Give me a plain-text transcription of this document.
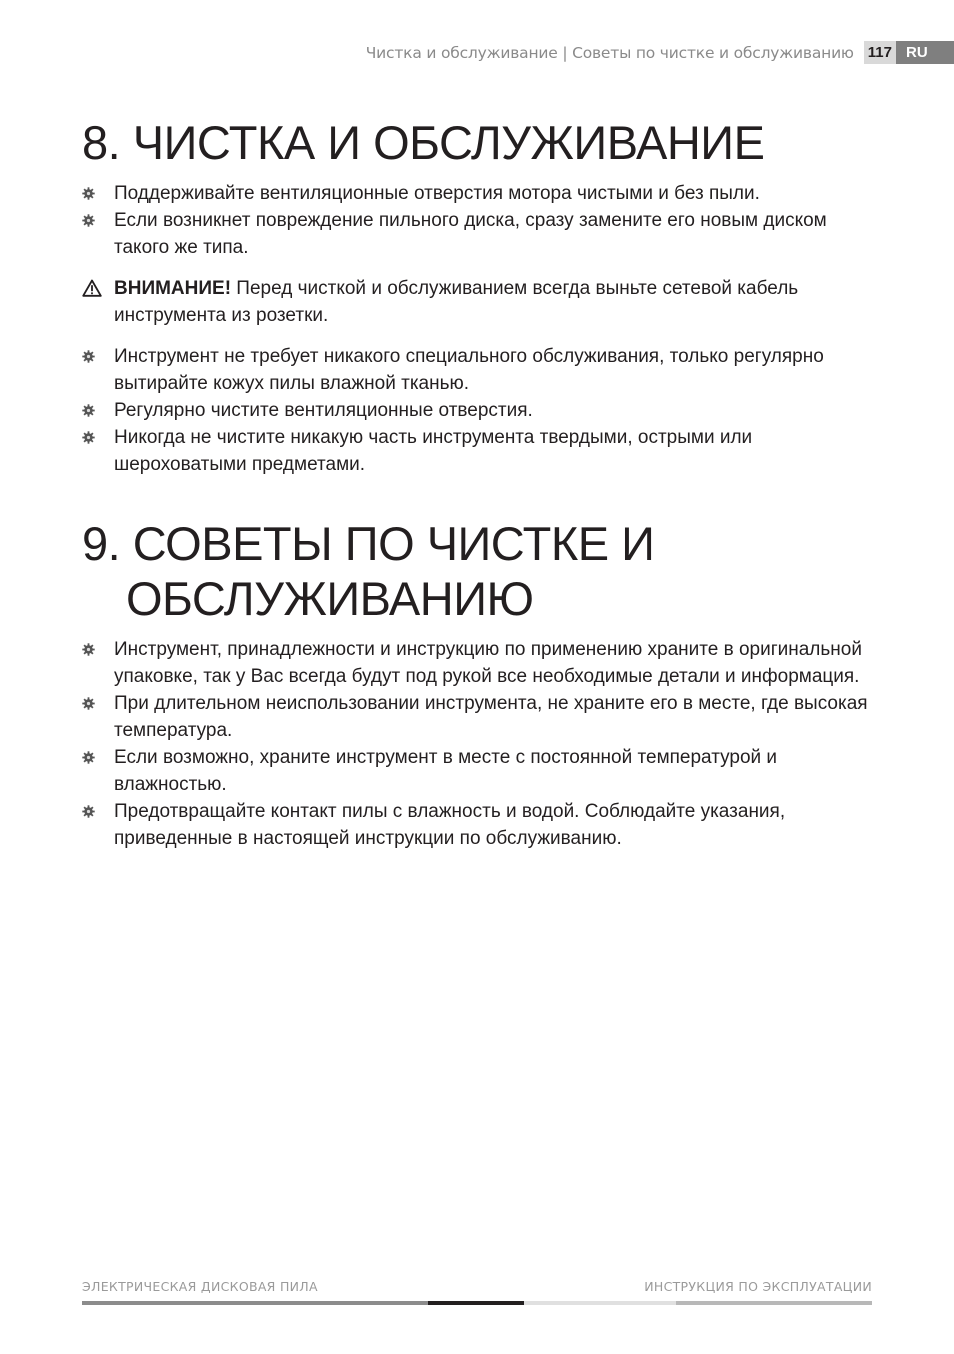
Чистка и обслуживание | Советы по чистке и обслуживанию 117 RU
8. ЧИСТКА И ОБСЛУЖИВАНИЕ
Поддерживайте вентиляционные отверстия мотора чистыми и без пыли.
Если возникнет повреждение пильного диска, сразу замените его новым диском такого же типа.
ВНИМАНИЕ! Перед чисткой и обслуживанием всегда выньте сетевой кабель инструмента из розетки.
Инструмент не требует никакого специального обслуживания, только регулярно вытирайте кожух пилы влажной тканью.
Регулярно чистите вентиляционные отверстия.
Никогда не чистите никакую часть инструмента твердыми, острыми или шероховатыми предметами.
9. СОВЕТЫ ПО ЧИСТКЕ И
ОБСЛУЖИВАНИЮ
Инструмент, принадлежности и инструкцию по применению храните в оригинальной упаковке, так у Вас всегда будут под рукой все необходимые детали и информация.
При длительном неиспользовании инструмента, не храните его в месте, где высокая температура.
Если возможно, храните инструмент в месте с постоянной температурой и влажностью.
Предотвращайте контакт пилы с влажность и водой. Соблюдайте указания, приведенные в настоящей инструкции по обслуживанию.
ЭЛЕКТРИЧЕСКАЯ ДИСКОВАЯ ПИЛА	ИНСТРУКЦИЯ ПО ЭКСПЛУАТАЦИИ
